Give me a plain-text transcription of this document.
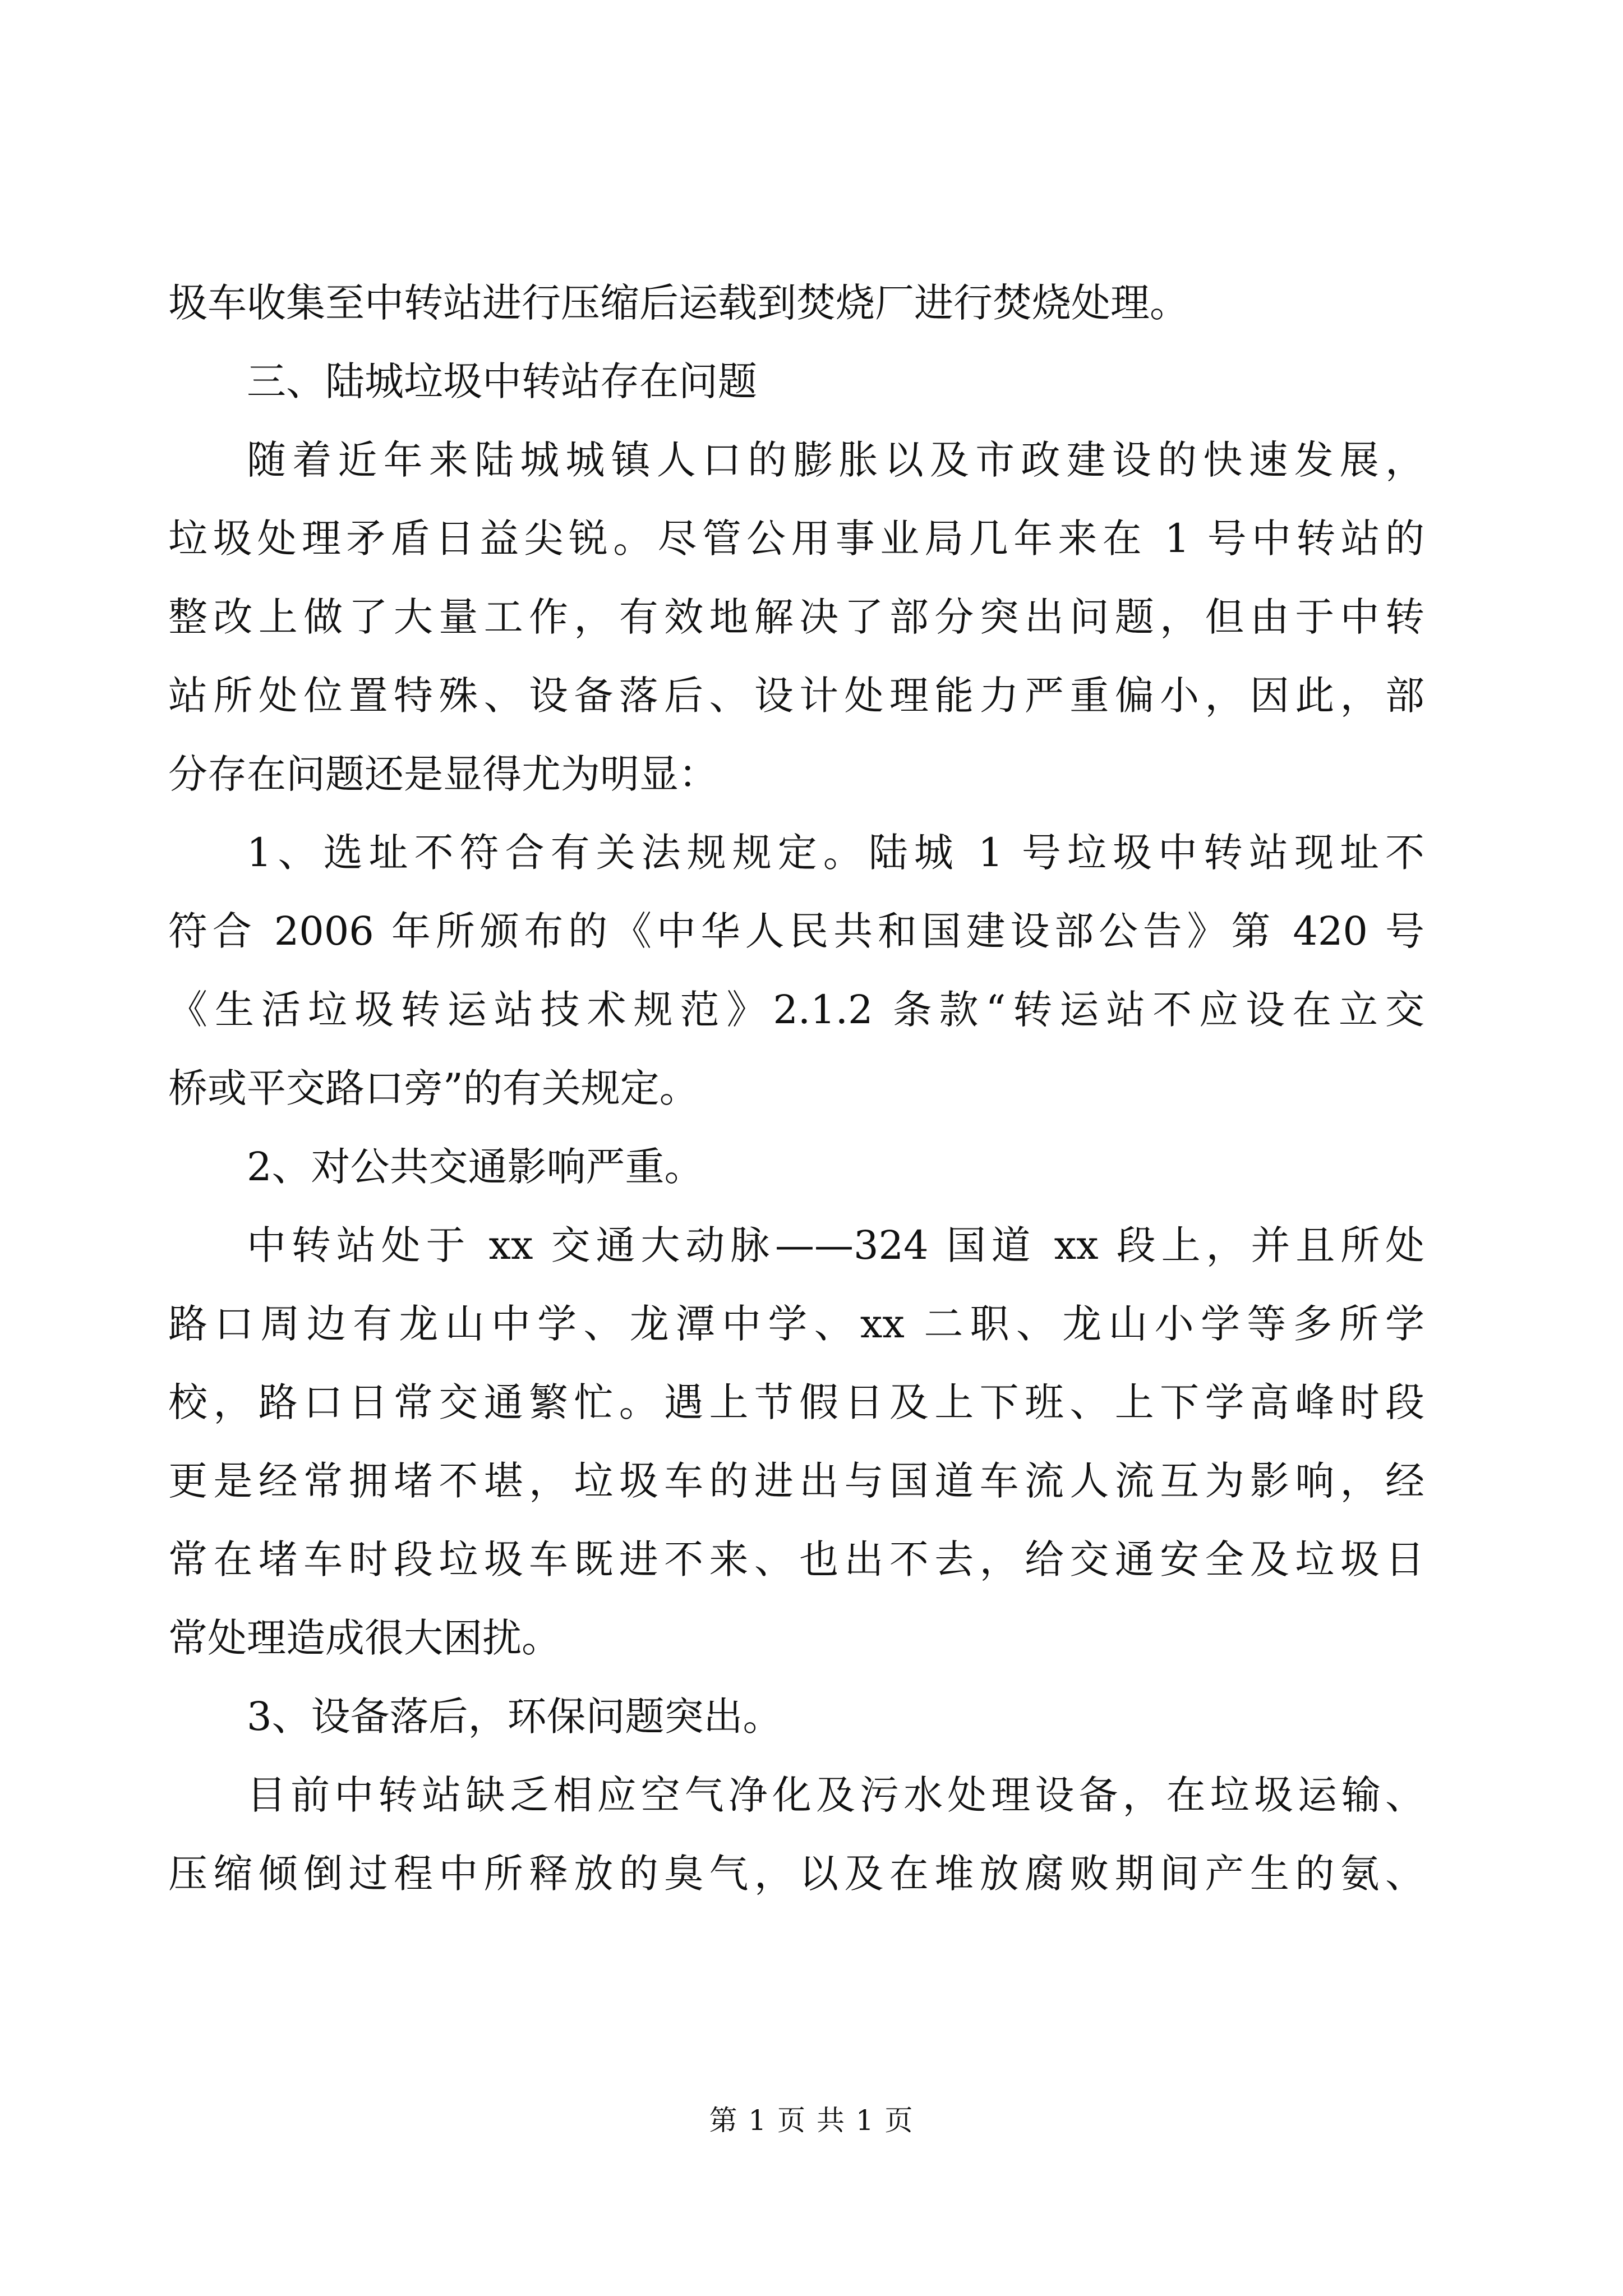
圾车收集至中转站进行压缩后运载到焚烧厂进行焚烧处理。
三、陆城垃圾中转站存在问题
随着近年来陆城城镇人口的膨胀以及市政建设的快速发展，
垃圾处理矛盾日益尖锐。尽管公用事业局几年来在 1 号中转站的
整改上做了大量工作，有效地解决了部分突出问题，但由于中转
站所处位置特殊、设备落后、设计处理能力严重偏小，因此，部
分存在问题还是显得尤为明显：
1、选址不符合有关法规规定。陆城 1 号垃圾中转站现址不
符合 2006 年所颁布的《中华人民共和国建设部公告》第 420 号
《生活垃圾转运站技术规范》2.1.2 条款“转运站不应设在立交
桥或平交路口旁”的有关规定。
2、对公共交通影响严重。
中转站处于 xx 交通大动脉——324 国道 xx 段上，并且所处
路口周边有龙山中学、龙潭中学、xx 二职、龙山小学等多所学
校，路口日常交通繁忙。遇上节假日及上下班、上下学高峰时段
更是经常拥堵不堪，垃圾车的进出与国道车流人流互为影响，经
常在堵车时段垃圾车既进不来、也出不去，给交通安全及垃圾日
常处理造成很大困扰。
3、设备落后，环保问题突出。
目前中转站缺乏相应空气净化及污水处理设备，在垃圾运输、
压缩倾倒过程中所释放的臭气，以及在堆放腐败期间产生的氨、
第 1 页 共 1 页
